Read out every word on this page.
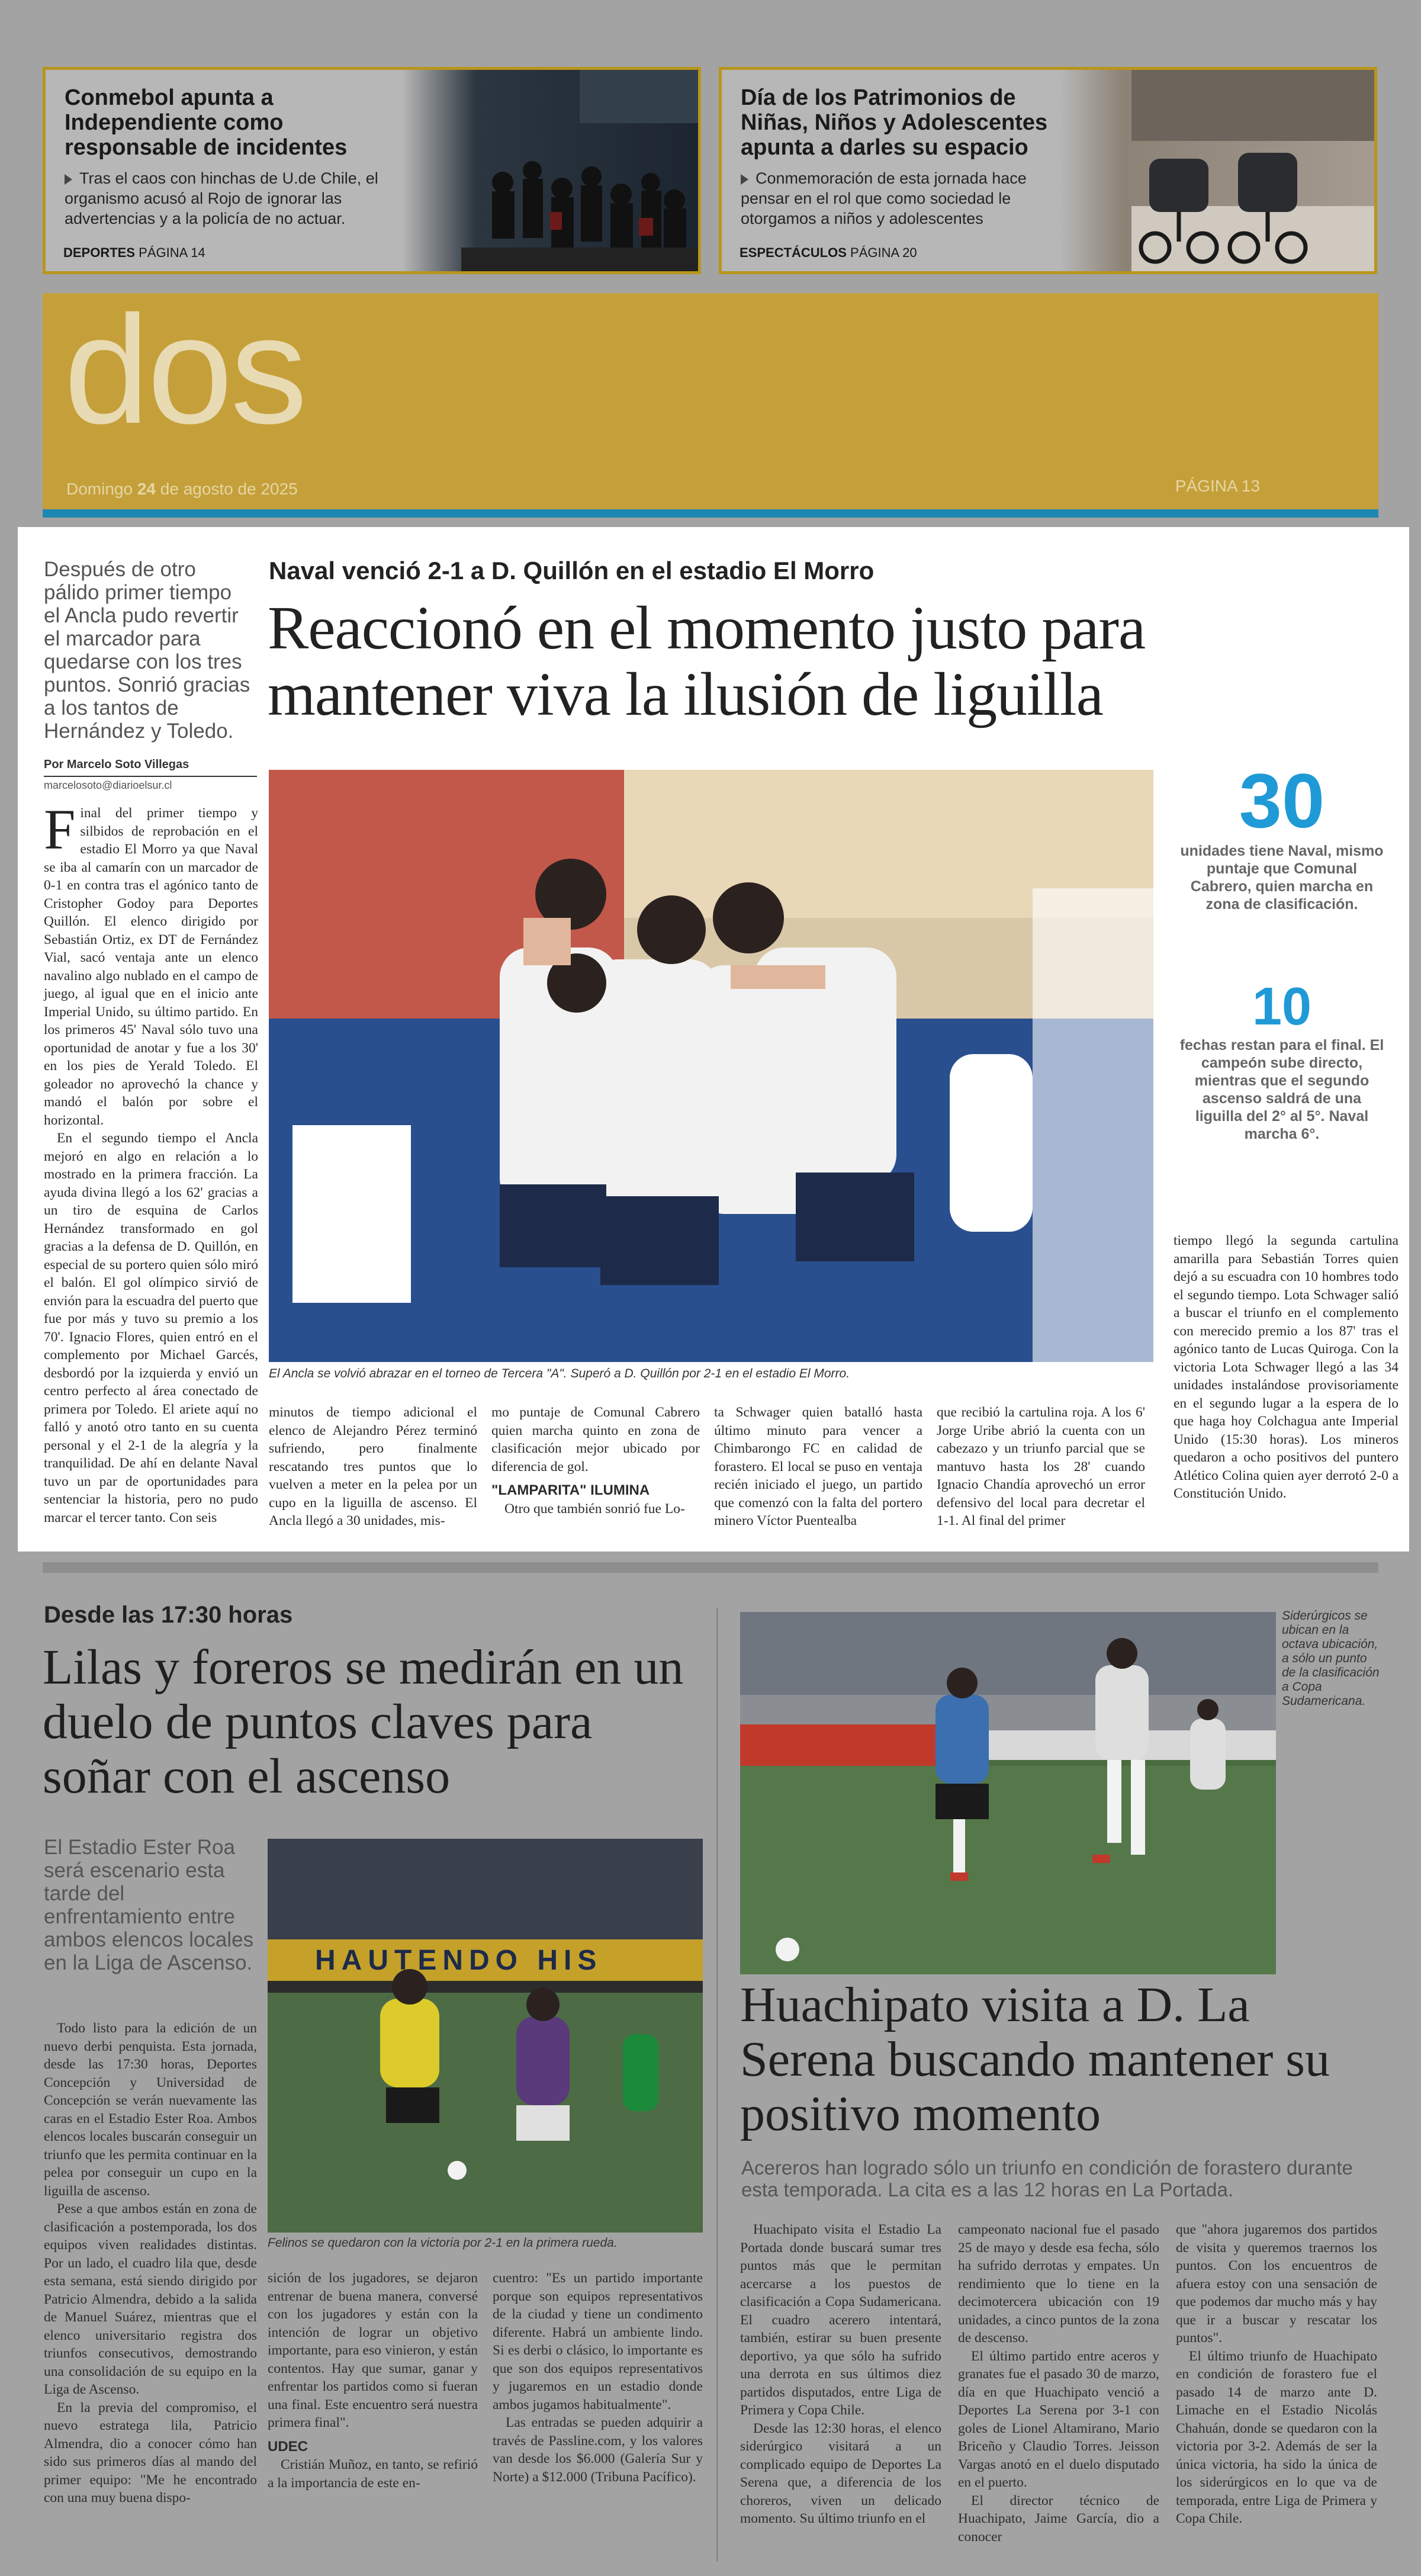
Conmebol apunta a Independiente como responsable de incidentes

Tras el caos con hinchas de U.de Chile, el organismo acusó al Rojo de ignorar las advertencias y a la policía de no actuar.

DEPORTES PÁGINA 14
Día de los Patrimonios de Niñas, Niños y Adolescentes apunta a darles su espacio

Conmemoración de esta jornada hace pensar en el rol que como sociedad le otorgamos a niños y adolescentes

ESPECTÁCULOS PÁGINA 20
dos
Domingo 24 de agosto de 2025	PÁGINA 13
Después de otro pálido primer tiempo el Ancla pudo revertir el marcador para quedarse con los tres puntos. Sonrió gracias a los tantos de Hernández y Toledo.
Por Marcelo Soto Villegas
marcelosoto@diarioelsur.cl
Naval venció 2-1 a D. Quillón en el estadio El Morro
Reaccionó en el momento justo para mantener viva la ilusión de liguilla
El Ancla se volvió abrazar en el torneo de Tercera "A". Superó a D. Quillón por 2-1 en el estadio El Morro.
30
unidades tiene Naval, mismo puntaje que Comunal Cabrero, quien marcha en zona de clasificación.
10
fechas restan para el final. El campeón sube directo, mientras que el segundo ascenso saldrá de una liguilla del 2° al 5°. Naval marcha 6°.
Final del primer tiempo y silbidos de reprobación en el estadio El Morro ya que Naval se iba al camarín con un marcador de 0-1 en contra tras el agónico tanto de Cristopher Godoy para Deportes Quillón. El elenco dirigido por Sebastián Ortiz, ex DT de Fernández Vial, sacó ventaja ante un elenco navalino algo nublado en el campo de juego, al igual que en el inicio ante Imperial Unido, su último partido. En los primeros 45' Naval sólo tuvo una oportunidad de anotar y fue a los 30' en los pies de Yerald Toledo. El goleador no aprovechó la chance y mandó el balón por sobre el horizontal.
En el segundo tiempo el Ancla mejoró en algo en relación a lo mostrado en la primera fracción. La ayuda divina llegó a los 62' gracias a un tiro de esquina de Carlos Hernández transformado en gol gracias a la defensa de D. Quillón, en especial de su portero quien sólo miró el balón. El gol olímpico sirvió de envión para la escuadra del puerto que fue por más y tuvo su premio a los 70'. Ignacio Flores, quien entró en el complemento por Michael Garcés, desbordó por la izquierda y envió un centro perfecto al área conectado de primera por Toledo. El ariete aquí no falló y anotó otro tanto en su cuenta personal y el 2-1 de la alegría y la tranquilidad. De ahí en delante Naval tuvo un par de oportunidades para sentenciar la historia, pero no pudo marcar el tercer tanto. Con seis
minutos de tiempo adicional el elenco de Alejandro Pérez terminó sufriendo, pero finalmente rescatando tres puntos que lo vuelven a meter en la pelea por un cupo en la liguilla de ascenso. El Ancla llegó a 30 unidades, mis-
mo puntaje de Comunal Cabrero quien marcha quinto en zona de clasificación mejor ubicado por diferencia de gol.
"LAMPARITA" ILUMINA
Otro que también sonrió fue Lo-
ta Schwager quien batalló hasta último minuto para vencer a Chimbarongo FC en calidad de forastero. El local se puso en ventaja recién iniciado el juego, un partido que comenzó con la falta del portero minero Víctor Puentealba
que recibió la cartulina roja. A los 6' Jorge Uribe abrió la cuenta con un cabezazo y un triunfo parcial que se mantuvo hasta los 28' cuando Ignacio Chandía aprovechó un error defensivo del local para decretar el 1-1. Al final del primer
tiempo llegó la segunda cartulina amarilla para Sebastián Torres quien dejó a su escuadra con 10 hombres todo el segundo tiempo. Lota Schwager salió a buscar el triunfo en el complemento con merecido premio a los 87' tras el agónico tanto de Lucas Quiroga. Con la victoria Lota Schwager llegó a las 34 unidades instalándose provisoriamente en el segundo lugar a la espera de lo que haga hoy Colchagua ante Imperial Unido (15:30 horas). Los mineros quedaron a ocho positivos del puntero Atlético Colina quien ayer derrotó 2-0 a Constitución Unido.
Desde las 17:30 horas
Lilas y foreros se medirán en un duelo de puntos claves para soñar con el ascenso
El Estadio Ester Roa será escenario esta tarde del enfrentamiento entre ambos elencos locales en la Liga de Ascenso. HAUTENDO HIS
Felinos se quedaron con la victoria por 2-1 en la primera rueda.
Todo listo para la edición de un nuevo derbi penquista. Esta jornada, desde las 17:30 horas, Deportes Concepción y Universidad de Concepción se verán nuevamente las caras en el Estadio Ester Roa. Ambos elencos locales buscarán conseguir un triunfo que les permita continuar en la pelea por conseguir un cupo en la liguilla de ascenso.
Pese a que ambos están en zona de clasificación a postemporada, los dos equipos viven realidades distintas. Por un lado, el cuadro lila que, desde esta semana, está siendo dirigido por Patricio Almendra, debido a la salida de Manuel Suárez, mientras que el elenco universitario registra dos triunfos consecutivos, demostrando una consolidación de su equipo en la Liga de Ascenso.
En la previa del compromiso, el nuevo estratega lila, Patricio Almendra, dio a conocer cómo han sido sus primeros días al mando del primer equipo: "Me he encontrado con una muy buena dispo-
sición de los jugadores, se dejaron entrenar de buena manera, conversé con los jugadores y están con la intención de lograr un objetivo importante, para eso vinieron, y están contentos. Hay que sumar, ganar y enfrentar los partidos como si fueran una final. Este encuentro será nuestra primera final".
UDEC
Cristián Muñoz, en tanto, se refirió a la importancia de este en-
cuentro: "Es un partido importante porque son equipos representativos de la ciudad y tiene un condimento diferente. Habrá un ambiente lindo. Si es derbi o clásico, lo importante es que son dos equipos representativos y jugaremos en un estadio donde ambos jugamos habitualmente".
Las entradas se pueden adquirir a través de Passline.com, y los valores van desde los $6.000 (Galería Sur y Norte) a $12.000 (Tribuna Pacífico).
Siderúrgicos se ubican en la octava ubicación, a sólo un punto de la clasificación a Copa Sudamericana.
Huachipato visita a D. La Serena buscando mantener su positivo momento
Acereros han logrado sólo un triunfo en condición de forastero durante esta temporada. La cita es a las 12 horas en La Portada.
Huachipato visita el Estadio La Portada donde buscará sumar tres puntos más que le permitan acercarse a los puestos de clasificación a Copa Sudamericana. El cuadro acerero intentará, también, estirar su buen presente deportivo, ya que sólo ha sufrido una derrota en sus últimos diez partidos disputados, entre Liga de Primera y Copa Chile.
Desde las 12:30 horas, el elenco siderúrgico visitará a un complicado equipo de Deportes La Serena que, a diferencia de los choreros, viven un delicado momento. Su último triunfo en el
campeonato nacional fue el pasado 25 de mayo y desde esa fecha, sólo ha sufrido derrotas y empates. Un rendimiento que lo tiene en la decimotercera ubicación con 19 unidades, a cinco puntos de la zona de descenso.
El último partido entre aceros y granates fue el pasado 30 de marzo, día en que Huachipato venció a Deportes La Serena por 3-1 con goles de Lionel Altamirano, Mario Briceño y Claudio Torres. Jeisson Vargas anotó en el duelo disputado en el puerto.
El director técnico de Huachipato, Jaime García, dio a conocer
que "ahora jugaremos dos partidos de visita y queremos traernos los puntos. Con los encuentros de afuera estoy con una sensación de que podemos dar mucho más y hay que ir a buscar y rescatar los puntos".
El último triunfo de Huachipato en condición de forastero fue el pasado 14 de marzo ante D. Limache en el Estadio Nicolás Chahuán, donde se quedaron con la victoria por 3-2. Además de ser la única victoria, ha sido la única de los siderúrgicos en lo que va de temporada, entre Liga de Primera y Copa Chile.
